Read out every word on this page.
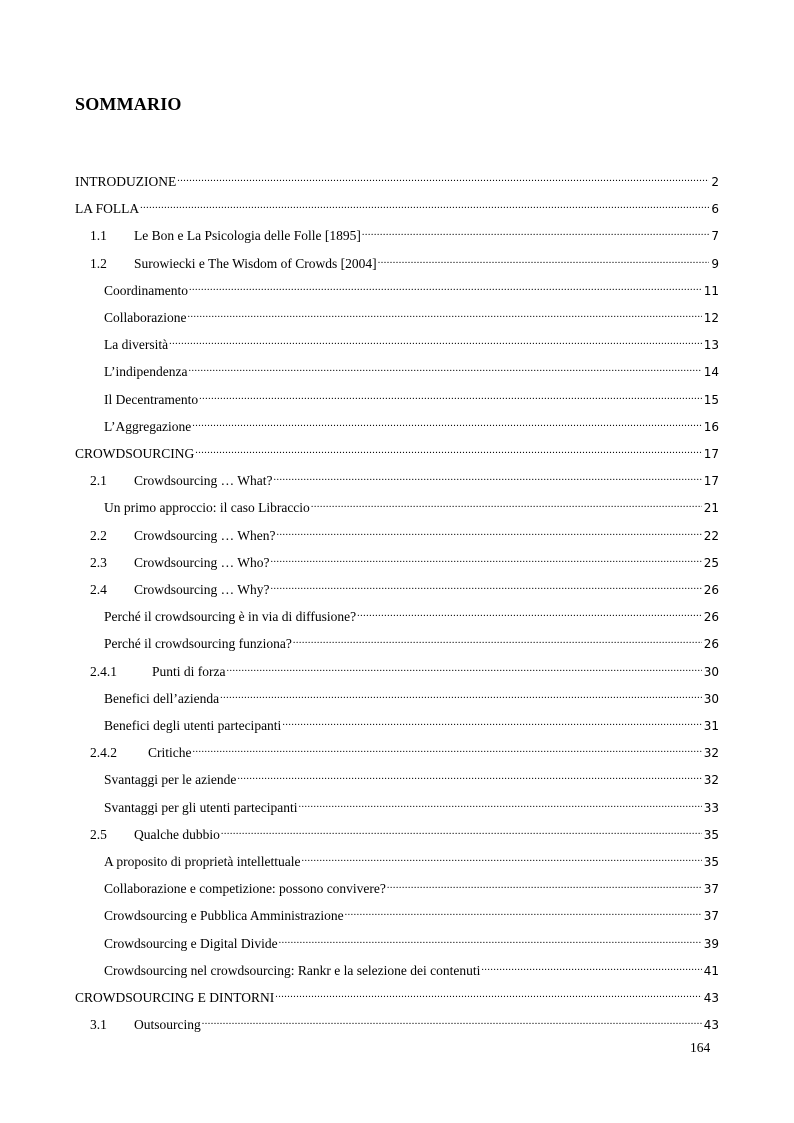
SOMMARIO
INTRODUZIONE .....	2
LA FOLLA .....	6
1.1	Le Bon e La Psicologia delle Folle [1895] .....	7
1.2	Surowiecki e The Wisdom of Crowds [2004] .....	9
Coordinamento .....	11
Collaborazione .....	12
La diversità .....	13
L’indipendenza .....	14
Il Decentramento .....	15
L’Aggregazione .....	16
CROWDSOURCING .....	17
2.1	Crowdsourcing … What? .....	17
Un primo approccio: il caso Libraccio .....	21
2.2	Crowdsourcing … When? .....	22
2.3	Crowdsourcing … Who? .....	25
2.4	Crowdsourcing … Why? .....	26
Perché il crowdsourcing è in via di diffusione? .....	26
Perché il crowdsourcing funziona? .....	26
2.4.1	Punti di forza .....	30
Benefici dell’azienda .....	30
Benefici degli utenti partecipanti .....	31
2.4.2	Critiche .....	32
Svantaggi per le aziende .....	32
Svantaggi per gli utenti partecipanti .....	33
2.5	Qualche dubbio .....	35
A proposito di proprietà intellettuale .....	35
Collaborazione e competizione: possono convivere? .....	37
Crowdsourcing e Pubblica Amministrazione .....	37
Crowdsourcing e Digital Divide .....	39
Crowdsourcing nel crowdsourcing: Rankr e la selezione dei contenuti .....	41
CROWDSOURCING E DINTORNI .....	43
3.1	Outsourcing .....	43
164
